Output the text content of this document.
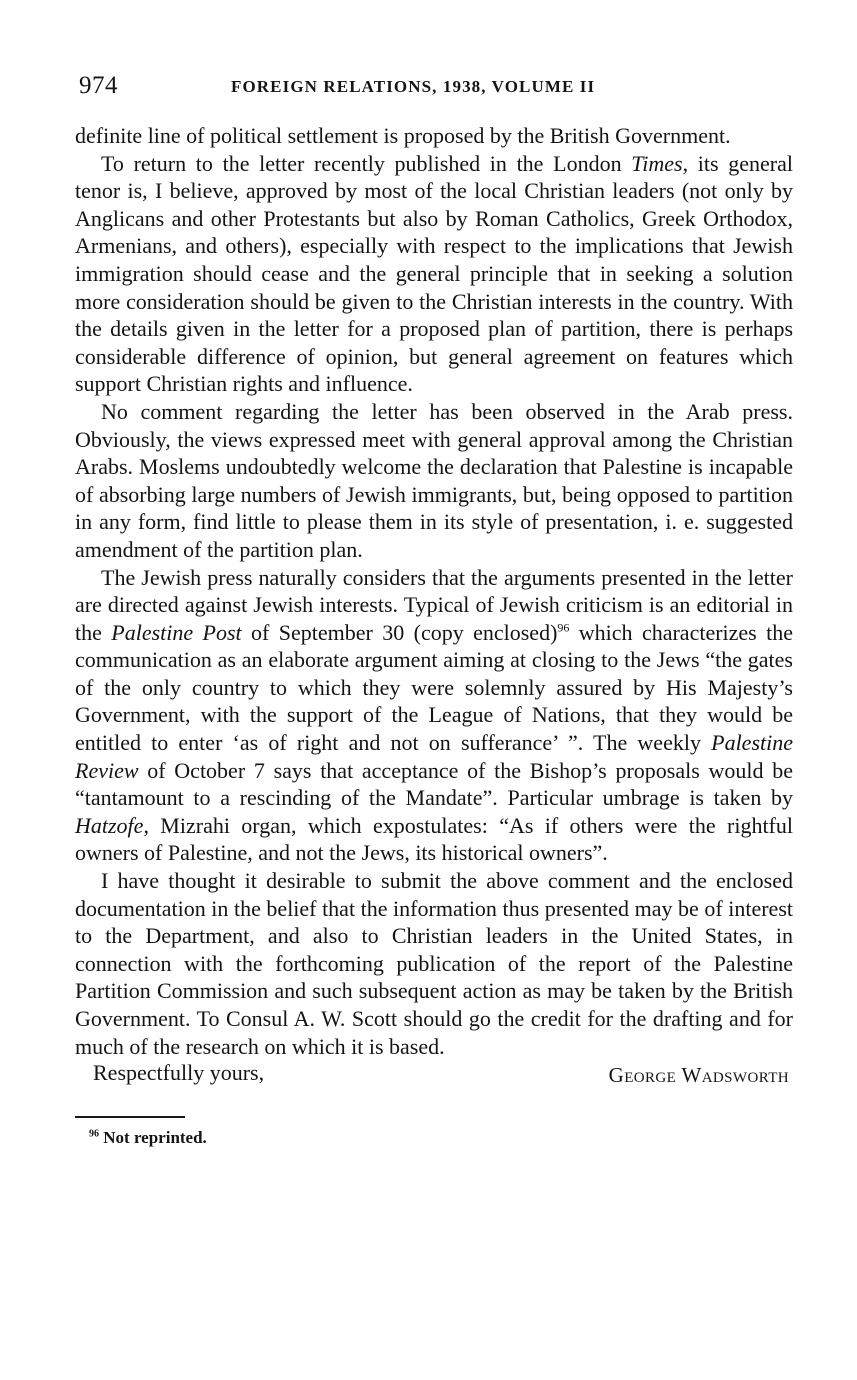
974	FOREIGN RELATIONS, 1938, VOLUME II

definite line of political settlement is proposed by the British Government.

To return to the letter recently published in the London Times, its general tenor is, I believe, approved by most of the local Christian leaders (not only by Anglicans and other Protestants but also by Roman Catholics, Greek Orthodox, Armenians, and others), especially with respect to the implications that Jewish immigration should cease and the general principle that in seeking a solution more consideration should be given to the Christian interests in the country. With the details given in the letter for a proposed plan of partition, there is perhaps considerable difference of opinion, but general agreement on features which support Christian rights and influence.

No comment regarding the letter has been observed in the Arab press. Obviously, the views expressed meet with general approval among the Christian Arabs. Moslems undoubtedly welcome the declaration that Palestine is incapable of absorbing large numbers of Jewish immigrants, but, being opposed to partition in any form, find little to please them in its style of presentation, i. e. suggested amendment of the partition plan.

The Jewish press naturally considers that the arguments presented in the letter are directed against Jewish interests. Typical of Jewish criticism is an editorial in the Palestine Post of September 30 (copy enclosed)$^{96}$ which characterizes the communication as an elaborate argument aiming at closing to the Jews “the gates of the only country to which they were solemnly assured by His Majesty’s Government, with the support of the League of Nations, that they would be entitled to enter ‘as of right and not on sufferance’ ”. The weekly Palestine Review of October 7 says that acceptance of the Bishop’s proposals would be “tantamount to a rescinding of the Mandate”. Particular umbrage is taken by Hatzofe, Mizrahi organ, which expostulates: “As if others were the rightful owners of Palestine, and not the Jews, its historical owners”.

I have thought it desirable to submit the above comment and the enclosed documentation in the belief that the information thus presented may be of interest to the Department, and also to Christian leaders in the United States, in connection with the forthcoming publication of the report of the Palestine Partition Commission and such subsequent action as may be taken by the British Government. To Consul A. W. Scott should go the credit for the drafting and for much of the research on which it is based.

Respectfully yours,	George Wadsworth
$^{96}$ Not reprinted.
